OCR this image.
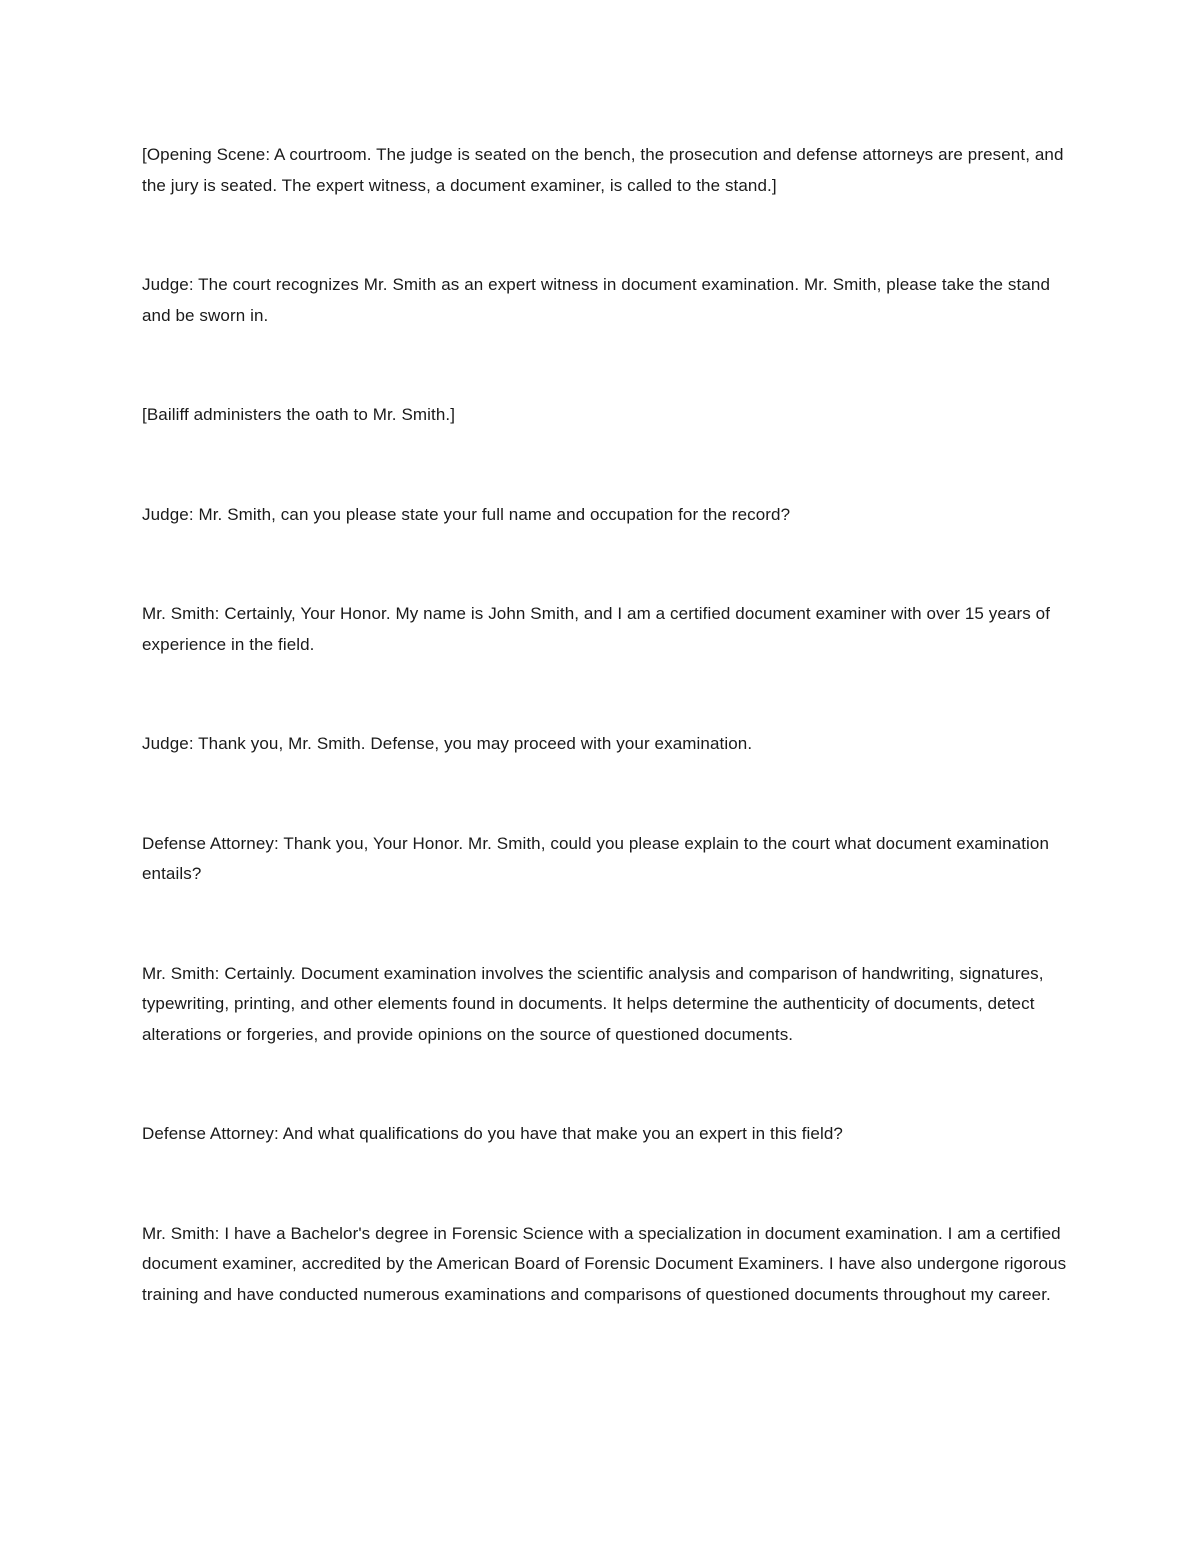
[Opening Scene: A courtroom. The judge is seated on the bench, the prosecution and defense attorneys are present, and the jury is seated. The expert witness, a document examiner, is called to the stand.]

Judge: The court recognizes Mr. Smith as an expert witness in document examination. Mr. Smith, please take the stand and be sworn in.

[Bailiff administers the oath to Mr. Smith.]

Judge: Mr. Smith, can you please state your full name and occupation for the record?

Mr. Smith: Certainly, Your Honor. My name is John Smith, and I am a certified document examiner with over 15 years of experience in the field.

Judge: Thank you, Mr. Smith. Defense, you may proceed with your examination.

Defense Attorney: Thank you, Your Honor. Mr. Smith, could you please explain to the court what document examination entails?

Mr. Smith: Certainly. Document examination involves the scientific analysis and comparison of handwriting, signatures, typewriting, printing, and other elements found in documents. It helps determine the authenticity of documents, detect alterations or forgeries, and provide opinions on the source of questioned documents.

Defense Attorney: And what qualifications do you have that make you an expert in this field?

Mr. Smith: I have a Bachelor's degree in Forensic Science with a specialization in document examination. I am a certified document examiner, accredited by the American Board of Forensic Document Examiners. I have also undergone rigorous training and have conducted numerous examinations and comparisons of questioned documents throughout my career.
